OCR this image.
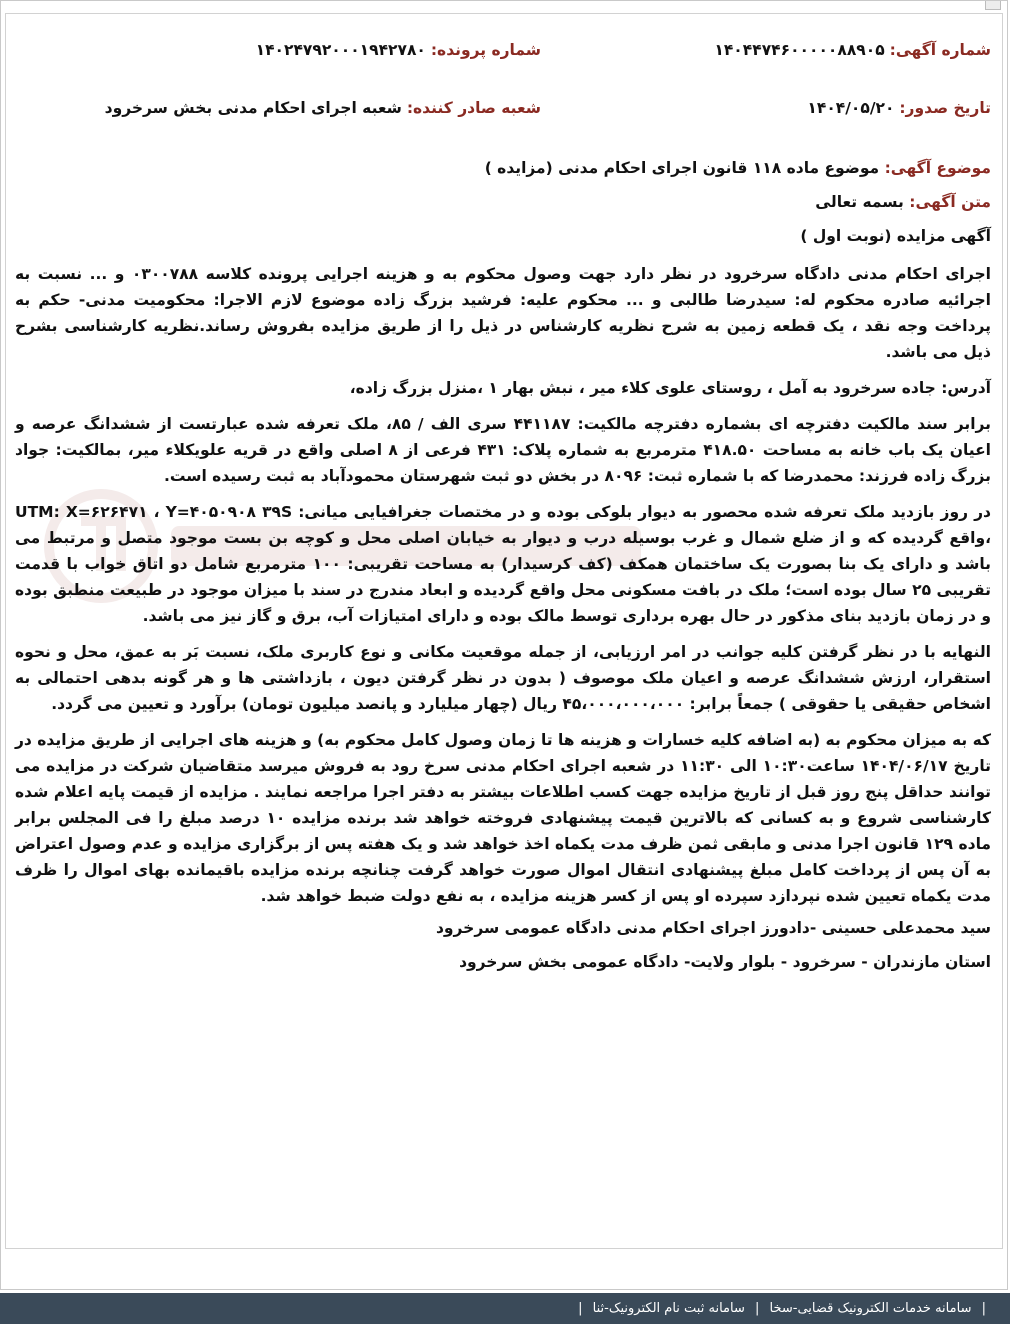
شماره آگهی: ۱۴۰۴۴۷۴۶۰۰۰۰۰۸۸۹۰۵
شماره پرونده: ۱۴۰۲۴۷۹۲۰۰۰۱۹۴۲۷۸۰
تاریخ صدور: ۱۴۰۴/۰۵/۲۰
شعبه صادر کننده: شعبه اجرای احکام مدنی بخش سرخرود
موضوع آگهی: موضوع ماده ۱۱۸ قانون اجرای احکام مدنی (مزایده )
متن آگهی: بسمه تعالی
آگهی مزایده (نوبت اول )

اجرای احکام مدنی دادگاه سرخرود در نظر دارد جهت وصول محکوم به و هزینه اجرایی پرونده کلاسه ۰۳۰۰۷۸۸ و ... نسبت به اجرائیه صادره محکوم له: سیدرضا طالبی و ... محکوم علیه: فرشید بزرگ زاده موضوع لازم الاجرا: محکومیت مدنی- حکم به پرداخت وجه نقد ، یک قطعه زمین به شرح نظریه کارشناس در ذیل را از طریق مزایده بفروش رساند.نظریه کارشناسی بشرح ذیل می باشد.

آدرس: جاده سرخرود به آمل ، روستای علوی کلاء میر ، نبش بهار ۱ ،منزل بزرگ زاده،

برابر سند مالکیت دفترچه ای بشماره دفترچه مالکیت: ۴۴۱۱۸۷ سری الف / ۸۵، ملک تعرفه شده عبارتست از ششدانگ عرصه و اعیان یک باب خانه به مساحت ۴۱۸.۵۰ مترمربع به شماره پلاک: ۴۳۱ فرعی از ۸ اصلی واقع در قریه علویکلاء میر، بمالکیت: جواد بزرگ زاده فرزند: محمدرضا که با شماره ثبت: ۸۰۹۶ در بخش دو ثبت شهرستان محمودآباد به ثبت رسیده است.

در روز بازدید ملک تعرفه شده محصور به دیوار بلوکی بوده و در مختصات جغرافیایی میانی: UTM: X=۶۲۶۴۷۱ ، Y=۴۰۵۰۹۰۸ ۳۹S ،واقع گردیده که و از ضلع شمال و غرب بوسیله درب و دیوار به خیابان اصلی محل و کوچه بن بست موجود متصل و مرتبط می باشد و دارای یک بنا بصورت یک ساختمان همکف (کف کرسیدار) به مساحت تقریبی: ۱۰۰ مترمربع شامل دو اتاق خواب با قدمت تقریبی ۲۵ سال بوده است؛ ملک در بافت مسکونی محل واقع گردیده و ابعاد مندرج در سند با میزان موجود در طبیعت منطبق بوده و در زمان بازدید بنای مذکور در حال بهره برداری توسط مالک بوده و دارای امتیازات آب، برق و گاز نیز می باشد.

النهایه با در نظر گرفتن کلیه جوانب در امر ارزیابی، از جمله موقعیت مکانی و نوع کاربری ملک، نسبت بَر به عمق، محل و نحوه استقرار، ارزش ششدانگ عرصه و اعیان ملک موصوف ( بدون در نظر گرفتن دیون ، بازداشتی ها و هر گونه بدهی احتمالی به اشخاص حقیقی یا حقوقی ) جمعاً برابر: ۴۵،۰۰۰،۰۰۰،۰۰۰ ریال (چهار میلیارد و پانصد میلیون تومان) برآورد و تعیین می گردد.

که به میزان محکوم به (به اضافه کلیه خسارات و هزینه ها تا زمان وصول کامل محکوم به) و هزینه های اجرایی از طریق مزایده در تاریخ ۱۴۰۴/۰۶/۱۷ ساعت۱۰:۳۰ الی ۱۱:۳۰ در شعبه اجرای احکام مدنی سرخ رود به فروش میرسد متقاضیان شرکت در مزایده می توانند حداقل پنج روز قبل از تاریخ مزایده جهت کسب اطلاعات بیشتر به دفتر اجرا مراجعه نمایند . مزایده از قیمت پایه اعلام شده کارشناسی شروع و به کسانی که بالاترین قیمت پیشنهادی فروخته خواهد شد برنده مزایده ۱۰ درصد مبلغ را فی المجلس برابر ماده ۱۲۹ قانون اجرا مدنی و مابقی ثمن ظرف مدت یکماه اخذ خواهد شد و یک هفته پس از برگزاری مزایده و عدم وصول اعتراض به آن پس از پرداخت کامل مبلغ پیشنهادی انتقال اموال صورت خواهد گرفت چنانچه برنده مزایده باقیمانده بهای اموال را ظرف مدت یکماه تعیین شده نپردازد سپرده او پس از کسر هزینه مزایده ، به نفع دولت ضبط خواهد شد.

سید محمدعلی حسینی -دادورز اجرای احکام مدنی دادگاه عمومی سرخرود
استان مازندران - سرخرود - بلوار ولایت- دادگاه عمومی بخش سرخرود
| سامانه خدمات الکترونیک قضایی-سخا | سامانه ثبت نام الکترونیک-ثنا |
